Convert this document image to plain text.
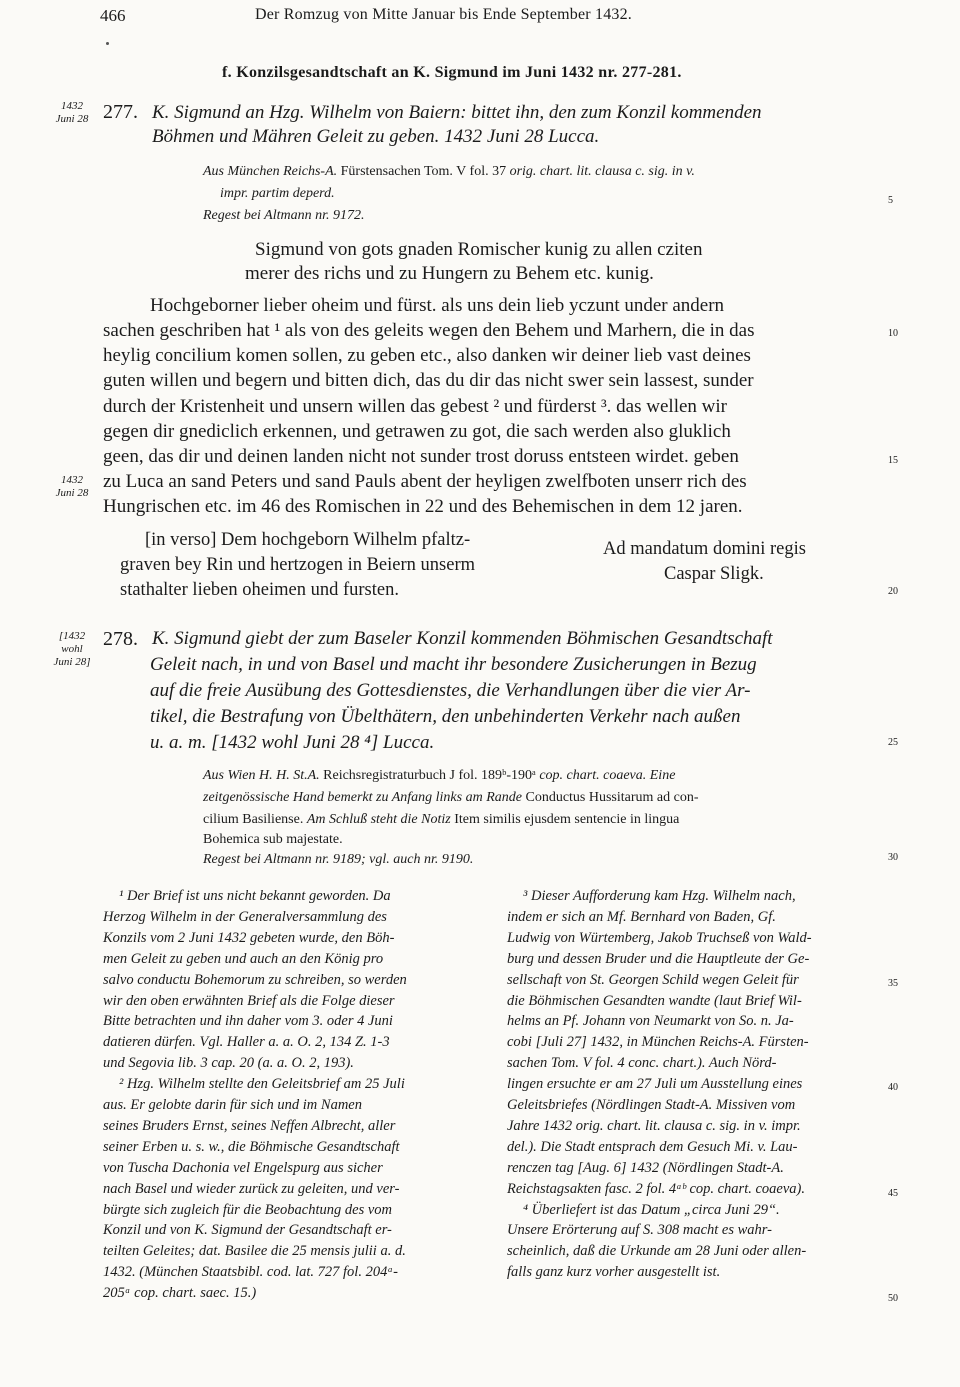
466	Der Romzug von Mitte Januar bis Ende September 1432.
f. Konzilsgesandtschaft an K. Sigmund im Juni 1432 nr. 277-281.
1432
Juni 28 277. K. Sigmund an Hzg. Wilhelm von Baiern: bittet ihn, den zum Konzil kommenden
Böhmen und Mähren Geleit zu geben. 1432 Juni 28 Lucca.
Aus München Reichs-A. Fürstensachen Tom. V fol. 37 orig. chart. lit. clausa c. sig. in v.
impr. partim deperd.
Regest bei Altmann nr. 9172.
Sigmund von gots gnaden Romischer kunig zu allen cziten
merer des richs und zu Hungern zu Behem etc. kunig.
Hochgeborner lieber oheim und fürst. als uns dein lieb yczunt under andern
sachen geschriben hat ¹ als von des geleits wegen den Behem und Marhern, die in das
heylig concilium komen sollen, zu geben etc., also danken wir deiner lieb vast deines
guten willen und begern und bitten dich, das du dir das nicht swer sein lassest, sunder
durch der Kristenheit und unsern willen das gebest ² und fürderst ³. das wellen wir
gegen dir gnediclich erkennen, und getrawen zu got, die sach werden also gluklich
geen, das dir und deinen landen nicht not sunder trost doruss entsteen wirdet. geben
zu Luca an sand Peters und sand Pauls abent der heyligen zwelfboten unserr rich des
Hungrischen etc. im 46 des Romischen in 22 und des Behemischen in dem 12 jaren.
1432
Juni 28
[in verso] Dem hochgeborn Wilhelm pfaltz-
graven bey Rin und hertzogen in Beiern unserm
stathalter lieben oheimen und fursten.
Ad mandatum domini regis
Caspar Sligk.
[1432
wohl
Juni 28]
278. K. Sigmund giebt der zum Baseler Konzil kommenden Böhmischen Gesandtschaft
Geleit nach, in und von Basel und macht ihr besondere Zusicherungen in Bezug
auf die freie Ausübung des Gottesdienstes, die Verhandlungen über die vier Ar-
tikel, die Bestrafung von Übelthätern, den unbehinderten Verkehr nach außen
u. a. m. [1432 wohl Juni 28 ⁴] Lucca.
Aus Wien H. H. St.A. Reichsregistraturbuch J fol. 189ᵇ-190ᵃ cop. chart. coaeva. Eine
zeitgenössische Hand bemerkt zu Anfang links am Rande Conductus Hussitarum ad con-
cilium Basiliense. Am Schluß steht die Notiz Item similis ejusdem sentencie in lingua
Bohemica sub majestate.
Regest bei Altmann nr. 9189; vgl. auch nr. 9190.
¹ Der Brief ist uns nicht bekannt geworden. Da
Herzog Wilhelm in der Generalversammlung des
Konzils vom 2 Juni 1432 gebeten wurde, den Böh-
men Geleit zu geben und auch an den König pro
salvo conductu Bohemorum zu schreiben, so werden
wir den oben erwähnten Brief als die Folge dieser
Bitte betrachten und ihn daher vom 3. oder 4 Juni
datieren dürfen. Vgl. Haller a. a. O. 2, 134 Z. 1-3
und Segovia lib. 3 cap. 20 (a. a. O. 2, 193).
² Hzg. Wilhelm stellte den Geleitsbrief am 25 Juli
aus. Er gelobte darin für sich und im Namen
seines Bruders Ernst, seines Neffen Albrecht, aller
seiner Erben u. s. w., die Böhmische Gesandtschaft
von Tuscha Dachonia vel Engelspurg aus sicher
nach Basel und wieder zurück zu geleiten, und ver-
bürgte sich zugleich für die Beobachtung des vom
Konzil und von K. Sigmund der Gesandtschaft er-
teilten Geleites; dat. Basilee die 25 mensis julii a. d.
1432. (München Staatsbibl. cod. lat. 727 fol. 204ᵃ-
205ᵃ cop. chart. saec. 15.)
³ Dieser Aufforderung kam Hzg. Wilhelm nach,
indem er sich an Mf. Bernhard von Baden, Gf.
Ludwig von Würtemberg, Jakob Truchseß von Wald-
burg und dessen Bruder und die Hauptleute der Ge-
sellschaft von St. Georgen Schild wegen Geleit für
die Böhmischen Gesandten wandte (laut Brief Wil-
helms an Pf. Johann von Neumarkt von So. n. Ja-
cobi [Juli 27] 1432, in München Reichs-A. Fürsten-
sachen Tom. V fol. 4 conc. chart.). Auch Nörd-
lingen ersuchte er am 27 Juli um Ausstellung eines
Geleitsbriefes (Nördlingen Stadt-A. Missiven vom
Jahre 1432 orig. chart. lit. clausa c. sig. in v. impr.
del.). Die Stadt entsprach dem Gesuch Mi. v. Lau-
renczen tag [Aug. 6] 1432 (Nördlingen Stadt-A.
Reichstagsakten fasc. 2 fol. 4ᵃᵇ cop. chart. coaeva).
⁴ Überliefert ist das Datum „circa Juni 29“.
Unsere Erörterung auf S. 308 macht es wahr-
scheinlich, daß die Urkunde am 28 Juni oder allen-
falls ganz kurz vorher ausgestellt ist.
5
10
15
20
25
30
35
40
45
50
